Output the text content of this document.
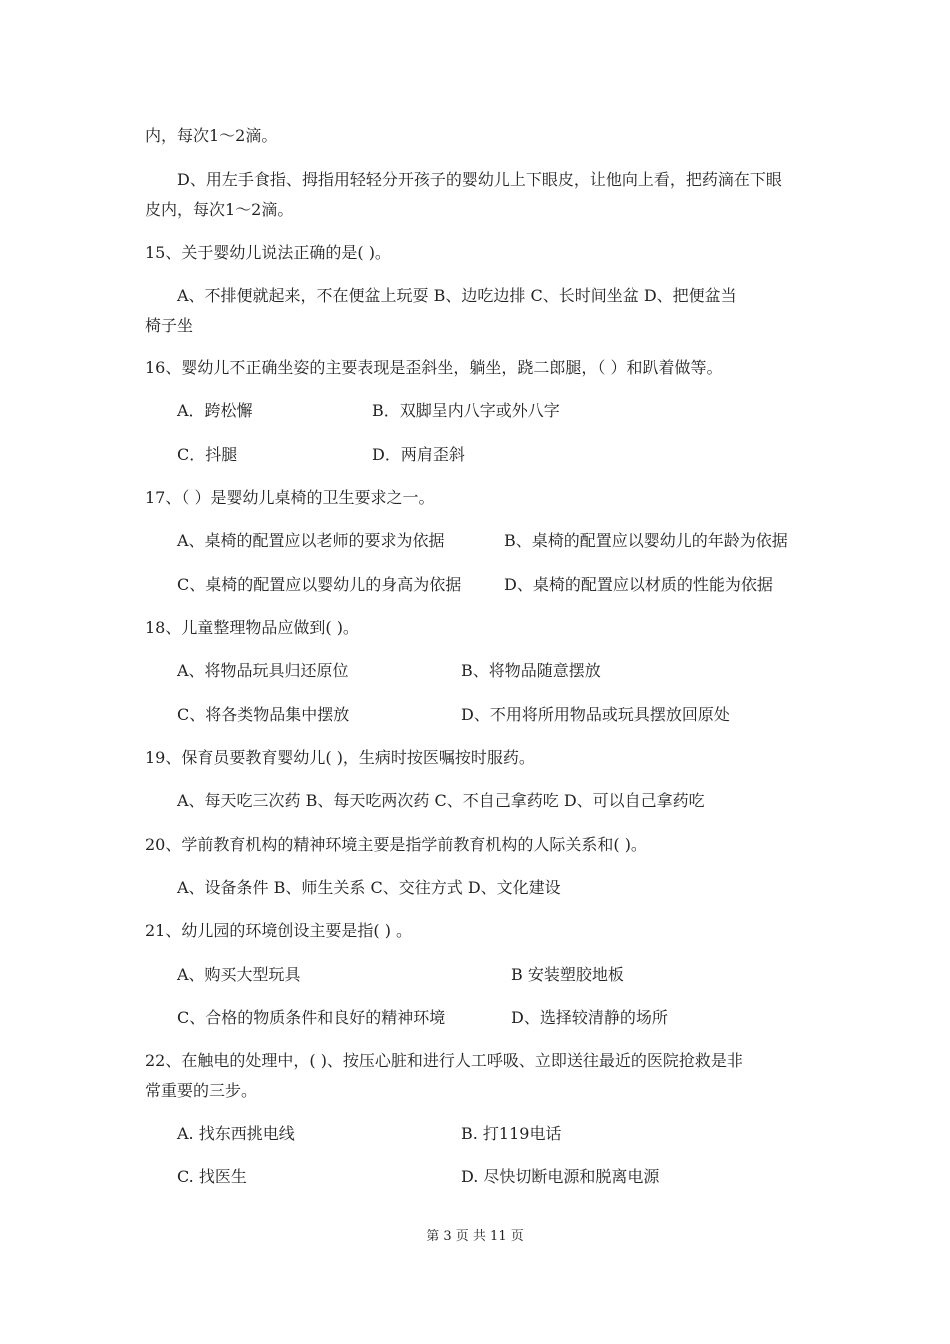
内，每次1～2滴。
D、用左手食指、拇指用轻轻分开孩子的婴幼儿上下眼皮，让他向上看，把药滴在下眼
皮内，每次1～2滴。
15、关于婴幼儿说法正确的是( )。
A、不排便就起来，不在便盆上玩耍 B、边吃边排 C、长时间坐盆 D、把便盆当
椅子坐
16、婴幼儿不正确坐姿的主要表现是歪斜坐，躺坐，跷二郎腿，（ ）和趴着做等。
A．跨松懈	B．双脚呈内八字或外八字
C．抖腿	D．两肩歪斜
17、（ ）是婴幼儿桌椅的卫生要求之一。
A、桌椅的配置应以老师的要求为依据	B、桌椅的配置应以婴幼儿的年龄为依据
C、桌椅的配置应以婴幼儿的身高为依据	D、桌椅的配置应以材质的性能为依据
18、儿童整理物品应做到( )。
A、将物品玩具归还原位	B、将物品随意摆放
C、将各类物品集中摆放	D、不用将所用物品或玩具摆放回原处
19、保育员要教育婴幼儿( )，生病时按医嘱按时服药。
A、每天吃三次药 B、每天吃两次药 C、不自己拿药吃 D、可以自己拿药吃
20、学前教育机构的精神环境主要是指学前教育机构的人际关系和( )。
A、设备条件 B、师生关系 C、交往方式 D、文化建设
21、幼儿园的环境创设主要是指( ) 。
A、购买大型玩具	B 安装塑胶地板
C、合格的物质条件和良好的精神环境	D、选择较清静的场所
22、在触电的处理中，( )、按压心脏和进行人工呼吸、立即送往最近的医院抢救是非
常重要的三步。
A. 找东西挑电线	B. 打119电话
C. 找医生	D. 尽快切断电源和脱离电源
第 3 页 共 11 页
